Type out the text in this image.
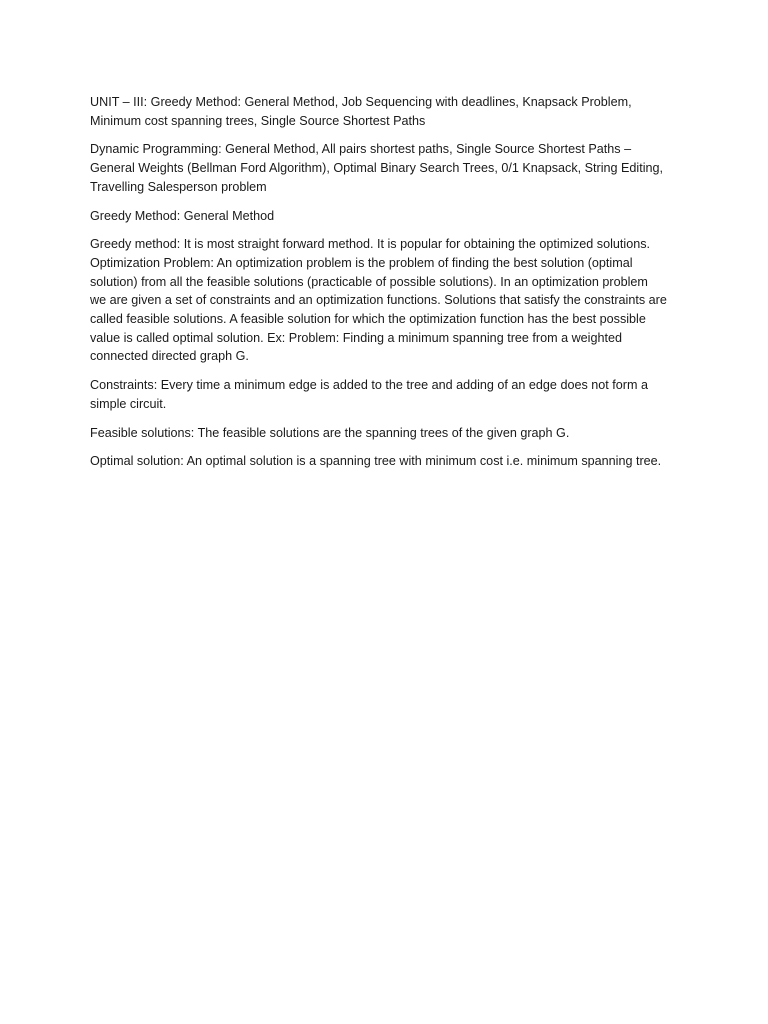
UNIT – III: Greedy Method: General Method, Job Sequencing with deadlines, Knapsack Problem,
Minimum cost spanning trees, Single Source Shortest Paths

Dynamic Programming: General Method, All pairs shortest paths, Single Source Shortest Paths –
General Weights (Bellman Ford Algorithm), Optimal Binary Search Trees, 0/1 Knapsack, String Editing,
Travelling Salesperson problem

Greedy Method: General Method

Greedy method: It is most straight forward method. It is popular for obtaining the optimized solutions.
Optimization Problem: An optimization problem is the problem of finding the best solution (optimal
solution) from all the feasible solutions (practicable of possible solutions). In an optimization problem
we are given a set of constraints and an optimization functions. Solutions that satisfy the constraints are
called feasible solutions. A feasible solution for which the optimization function has the best possible
value is called optimal solution. Ex: Problem: Finding a minimum spanning tree from a weighted
connected directed graph G.

Constraints: Every time a minimum edge is added to the tree and adding of an edge does not form a
simple circuit.

Feasible solutions: The feasible solutions are the spanning trees of the given graph G.

Optimal solution: An optimal solution is a spanning tree with minimum cost i.e. minimum spanning tree.
